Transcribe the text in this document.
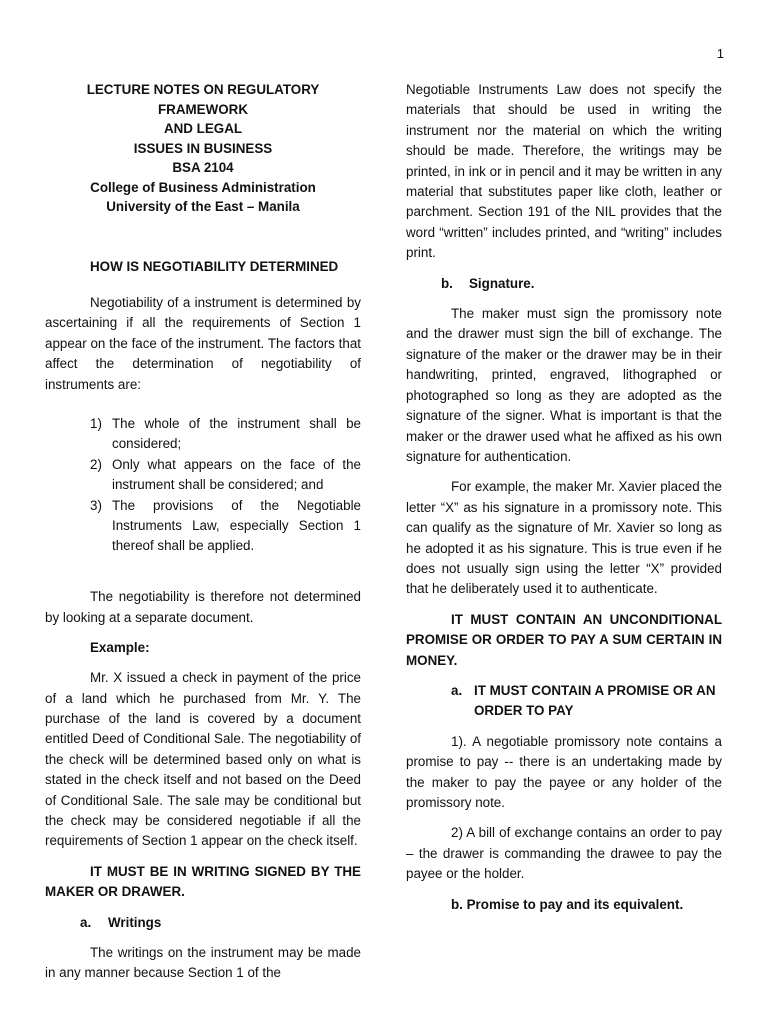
1
LECTURE NOTES ON REGULATORY FRAMEWORK
AND LEGAL
ISSUES IN BUSINESS
BSA 2104
College of Business Administration
University of the East – Manila
HOW IS NEGOTIABILITY DETERMINED

Negotiability of a instrument is determined by ascertaining if all the requirements of Section 1 appear on the face of the instrument. The factors that affect the determination of negotiability of instruments are:

1) The whole of the instrument shall be considered;
2) Only what appears on the face of the instrument shall be considered; and
3) The provisions of the Negotiable Instruments Law, especially Section 1 thereof shall be applied.

The negotiability is therefore not determined by looking at a separate document.

Example:

Mr. X issued a check in payment of the price of a land which he purchased from Mr. Y. The purchase of the land is covered by a document entitled Deed of Conditional Sale. The negotiability of the check will be determined based only on what is stated in the check itself and not based on the Deed of Conditional Sale. The sale may be conditional but the check may be considered negotiable if all the requirements of Section 1 appear on the check itself.

IT MUST BE IN WRITING SIGNED BY THE MAKER OR DRAWER.

a.	Writings

The writings on the instrument may be made in any manner because Section 1 of the

Negotiable Instruments Law does not specify the materials that should be used in writing the instrument nor the material on which the writing should be made. Therefore, the writings may be printed, in ink or in pencil and it may be written in any material that substitutes paper like cloth, leather or parchment. Section 191 of the NIL provides that the word “written” includes printed, and “writing” includes print.

b.	Signature.

The maker must sign the promissory note and the drawer must sign the bill of exchange. The signature of the maker or the drawer may be in their handwriting, printed, engraved, lithographed or photographed so long as they are adopted as the signature of the signer. What is important is that the maker or the drawer used what he affixed as his own signature for authentication.

For example, the maker Mr. Xavier placed the letter “X” as his signature in a promissory note. This can qualify as the signature of Mr. Xavier so long as he adopted it as his signature. This is true even if he does not usually sign using the letter “X” provided that he deliberately used it to authenticate.

IT MUST CONTAIN AN UNCONDITIONAL PROMISE OR ORDER TO PAY A SUM CERTAIN IN MONEY.

a. IT MUST CONTAIN A PROMISE OR AN ORDER TO PAY

1). A negotiable promissory note contains a promise to pay -- there is an undertaking made by the maker to pay the payee or any holder of the promissory note.

2) A bill of exchange contains an order to pay – the drawer is commanding the drawee to pay the payee or the holder.

b. Promise to pay and its equivalent.
